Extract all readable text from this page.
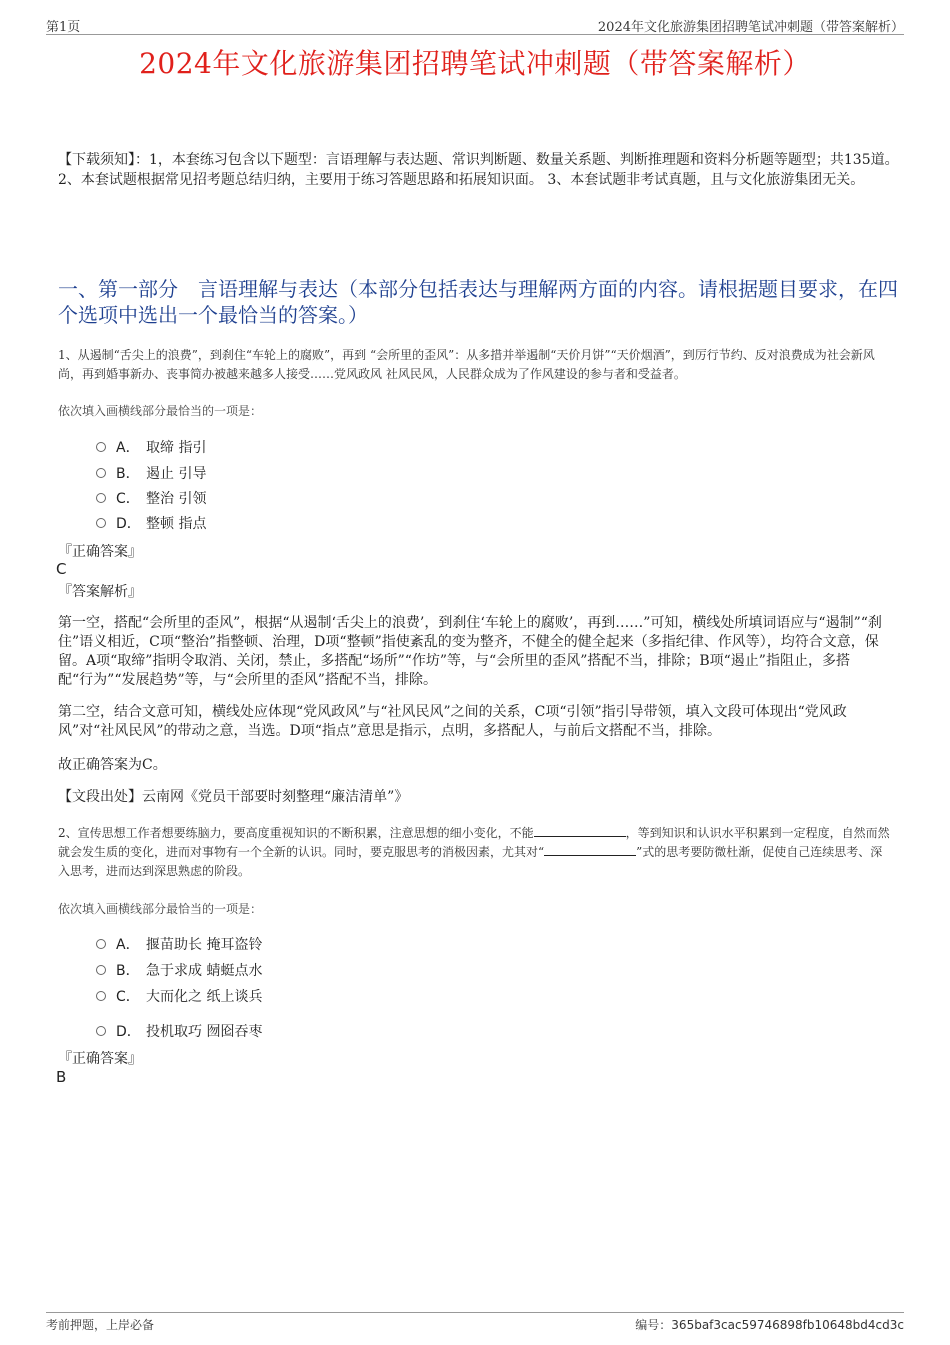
第1页	2024年文化旅游集团招聘笔试冲刺题（带答案解析）
2024年文化旅游集团招聘笔试冲刺题（带答案解析）
【下载须知】：1，本套练习包含以下题型：言语理解与表达题、常识判断题、数量关系题、判断推理题和资料分析题等题型；共135道。 2、本套试题根据常见招考题总结归纳，主要用于练习答题思路和拓展知识面。 3、本套试题非考试真题，且与文化旅游集团无关。
一、第一部分　言语理解与表达（本部分包括表达与理解两方面的内容。请根据题目要求，在四个选项中选出一个最恰当的答案。）
1、从遏制“舌尖上的浪费”，到刹住“车轮上的腐败”，再到 “会所里的歪风”：从多措并举遏制“天价月饼”“天价烟酒”，到厉行节约、反对浪费成为社会新风尚，再到婚事新办、丧事简办被越来越多人接受……党风政风 社风民风，人民群众成为了作风建设的参与者和受益者。
依次填入画横线部分最恰当的一项是：
A． 取缔 指引
B． 遏止 引导
C． 整治 引领
D． 整顿 指点
『正确答案』
C
『答案解析』
第一空，搭配“会所里的歪风”，根据“从遏制‘舌尖上的浪费’，到刹住‘车轮上的腐败’，再到……”可知，横线处所填词语应与“遏制”“刹住”语义相近，C项“整治”指整顿、治理，D项“整顿”指使紊乱的变为整齐，不健全的健全起来（多指纪律、作风等），均符合文意，保留。A项“取缔”指明令取消、关闭，禁止，多搭配“场所”“作坊”等，与“会所里的歪风”搭配不当，排除；B项“遏止”指阻止，多搭配“行为”“发展趋势”等，与“会所里的歪风”搭配不当，排除。
第二空，结合文意可知，横线处应体现“党风政风”与“社风民风”之间的关系，C项“引领”指引导带领，填入文段可体现出“党风政风”对“社风民风”的带动之意，当选。D项“指点”意思是指示，点明，多搭配人，与前后文搭配不当，排除。
故正确答案为C。
【文段出处】云南网《党员干部要时刻整理“廉洁清单”》
2、宣传思想工作者想要练脑力，要高度重视知识的不断积累，注意思想的细小变化，不能	，等到知识和认识水平积累到一定程度，自然而然就会发生质的变化，进而对事物有一个全新的认识。同时，要克服思考的消极因素，尤其对“	”式的思考要防微杜渐，促使自己连续思考、深入思考，进而达到深思熟虑的阶段。
依次填入画横线部分最恰当的一项是：
A． 揠苗助长 掩耳盗铃
B． 急于求成 蜻蜓点水
C． 大而化之 纸上谈兵
D． 投机取巧 囫囵吞枣
『正确答案』
B
考前押题，上岸必备	编号：365baf3cac59746898fb10648bd4cd3c
